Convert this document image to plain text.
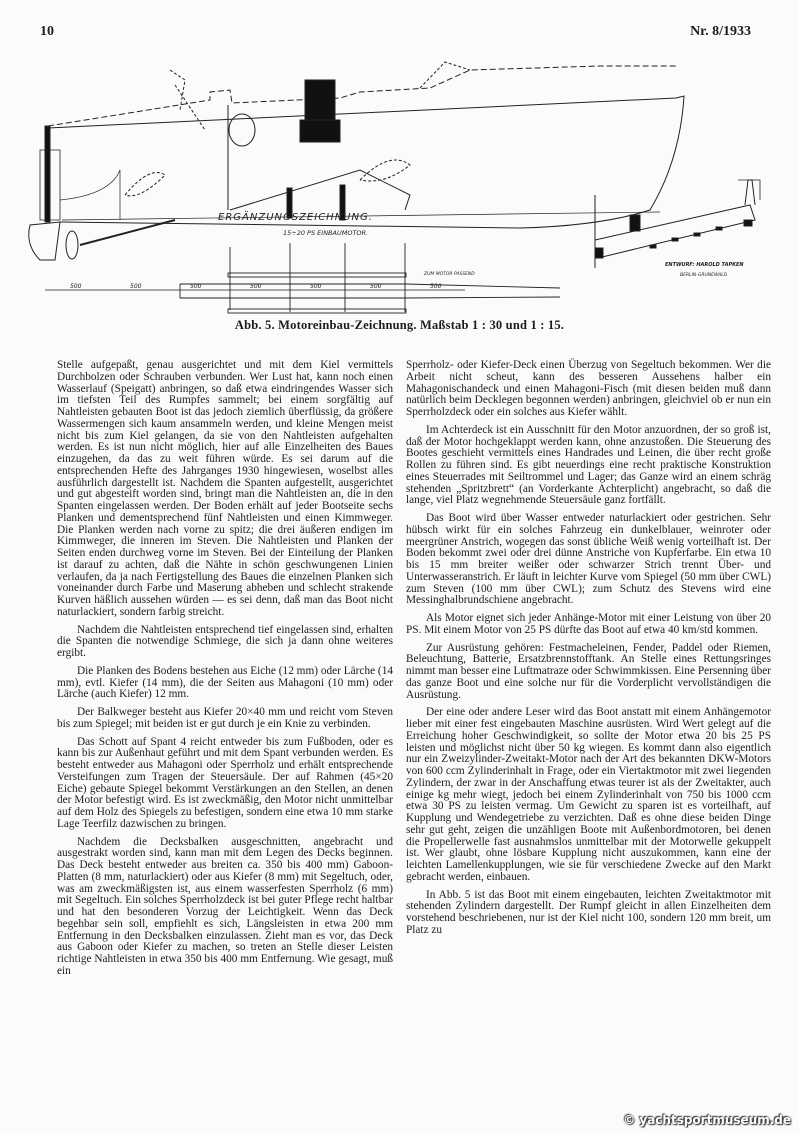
10	Nr. 8/1933
500	500	500	500	500	500	500
ERGÄNZUNGSZEICHNUNG.
15÷20 PS EINBAUMOTOR.
ZUM MOTOR PASSEND
ENTWURF: HAROLD TAPKEN
BERLIN-GRUNEWALD
Abb. 5. Motoreinbau-Zeichnung. Maßstab 1 : 30 und 1 : 15.

Stelle aufgepaßt, genau ausgerichtet und mit dem Kiel vermittels Durchbolzen oder Schrauben verbunden. Wer Lust hat, kann noch einen Wasserlauf (Speigatt) anbringen, so daß etwa eindringendes Wasser sich im tiefsten Teil des Rumpfes sammelt; bei einem sorgfältig auf Nahtleisten gebauten Boot ist das jedoch ziemlich überflüssig, da größere Wassermengen sich kaum ansammeln werden, und kleine Mengen meist nicht bis zum Kiel gelangen, da sie von den Nahtleisten aufgehalten werden. Es ist nun nicht möglich, hier auf alle Einzelheiten des Baues einzugehen, da das zu weit führen würde. Es sei darum auf die entsprechenden Hefte des Jahrganges 1930 hingewiesen, woselbst alles ausführlich dargestellt ist. Nachdem die Spanten aufgestellt, ausgerichtet und gut abgesteift worden sind, bringt man die Nahtleisten an, die in den Spanten eingelassen werden. Der Boden erhält auf jeder Bootseite sechs Planken und dementsprechend fünf Nahtleisten und einen Kimmweger. Die Planken werden nach vorne zu spitz; die drei äußeren endigen im Kimmweger, die inneren im Steven. Die Nahtleisten und Planken der Seiten enden durchweg vorne im Steven. Bei der Einteilung der Planken ist darauf zu achten, daß die Nähte in schön geschwungenen Linien verlaufen, da ja nach Fertigstellung des Baues die einzelnen Planken sich voneinander durch Farbe und Maserung abheben und schlecht strakende Kurven häßlich aussehen würden — es sei denn, daß man das Boot nicht naturlackiert, sondern farbig streicht.

Nachdem die Nahtleisten entsprechend tief eingelassen sind, erhalten die Spanten die notwendige Schmiege, die sich ja dann ohne weiteres ergibt.

Die Planken des Bodens bestehen aus Eiche (12 mm) oder Lärche (14 mm), evtl. Kiefer (14 mm), die der Seiten aus Mahagoni (10 mm) oder Lärche (auch Kiefer) 12 mm.

Der Balkweger besteht aus Kiefer 20×40 mm und reicht vom Steven bis zum Spiegel; mit beiden ist er gut durch je ein Knie zu verbinden.

Das Schott auf Spant 4 reicht entweder bis zum Fußboden, oder es kann bis zur Außenhaut geführt und mit dem Spant verbunden werden. Es besteht entweder aus Mahagoni oder Sperrholz und erhält entsprechende Versteifungen zum Tragen der Steuersäule. Der auf Rahmen (45×20 Eiche) gebaute Spiegel bekommt Verstärkungen an den Stellen, an denen der Motor befestigt wird. Es ist zweckmäßig, den Motor nicht unmittelbar auf dem Holz des Spiegels zu befestigen, sondern eine etwa 10 mm starke Lage Teerfilz dazwischen zu bringen.

Nachdem die Decksbalken ausgeschnitten, angebracht und ausgestrakt worden sind, kann man mit dem Legen des Decks beginnen. Das Deck besteht entweder aus breiten ca. 350 bis 400 mm) Gaboon-Platten (8 mm, naturlackiert) oder aus Kiefer (8 mm) mit Segeltuch, oder, was am zweckmäßigsten ist, aus einem wasserfesten Sperrholz (6 mm) mit Segeltuch. Ein solches Sperrholzdeck ist bei guter Pflege recht haltbar und hat den besonderen Vorzug der Leichtigkeit. Wenn das Deck begehbar sein soll, empfiehlt es sich, Längsleisten in etwa 200 mm Entfernung in den Decksbalken einzulassen. Zieht man es vor, das Deck aus Gaboon oder Kiefer zu machen, so treten an Stelle dieser Leisten richtige Nahtleisten in etwa 350 bis 400 mm Entfernung. Wie gesagt, muß ein

Sperrholz- oder Kiefer-Deck einen Überzug von Segeltuch bekommen. Wer die Arbeit nicht scheut, kann des besseren Aussehens halber ein Mahagonischandeck und einen Mahagoni-Fisch (mit diesen beiden muß dann natürlich beim Decklegen begonnen werden) anbringen, gleichviel ob er nun ein Sperrholzdeck oder ein solches aus Kiefer wählt.

Im Achterdeck ist ein Ausschnitt für den Motor anzuordnen, der so groß ist, daß der Motor hochgeklappt werden kann, ohne anzustoßen. Die Steuerung des Bootes geschieht vermittels eines Handrades und Leinen, die über recht große Rollen zu führen sind. Es gibt neuerdings eine recht praktische Konstruktion eines Steuerrades mit Seiltrommel und Lager; das Ganze wird an einem schräg stehenden „Spritzbrett“ (an Vorderkante Achterplicht) angebracht, so daß die lange, viel Platz wegnehmende Steuersäule ganz fortfällt.

Das Boot wird über Wasser entweder naturlackiert oder gestrichen. Sehr hübsch wirkt für ein solches Fahrzeug ein dunkelblauer, weinroter oder meergrüner Anstrich, wogegen das sonst übliche Weiß wenig vorteilhaft ist. Der Boden bekommt zwei oder drei dünne Anstriche von Kupferfarbe. Ein etwa 10 bis 15 mm breiter weißer oder schwarzer Strich trennt Über- und Unterwasseranstrich. Er läuft in leichter Kurve vom Spiegel (50 mm über CWL) zum Steven (100 mm über CWL); zum Schutz des Stevens wird eine Messinghalbrundschiene angebracht.

Als Motor eignet sich jeder Anhänge-Motor mit einer Leistung von über 20 PS. Mit einem Motor von 25 PS dürfte das Boot auf etwa 40 km/std kommen.

Zur Ausrüstung gehören: Festmacheleinen, Fender, Paddel oder Riemen, Beleuchtung, Batterie, Ersatzbrennstofftank. An Stelle eines Rettungsringes nimmt man besser eine Luftmatraze oder Schwimmkissen. Eine Persenning über das ganze Boot und eine solche nur für die Vorderplicht vervollständigen die Ausrüstung.

Der eine oder andere Leser wird das Boot anstatt mit einem Anhängemotor lieber mit einer fest eingebauten Maschine ausrüsten. Wird Wert gelegt auf die Erreichung hoher Geschwindigkeit, so sollte der Motor etwa 20 bis 25 PS leisten und möglichst nicht über 50 kg wiegen. Es kommt dann also eigentlich nur ein Zweizylinder-Zweitakt-Motor nach der Art des bekannten DKW-Motors von 600 ccm Zylinderinhalt in Frage, oder ein Viertaktmotor mit zwei liegenden Zylindern, der zwar in der Anschaffung etwas teurer ist als der Zweitakter, auch einige kg mehr wiegt, jedoch bei einem Zylinderinhalt von 750 bis 1000 ccm etwa 30 PS zu leisten vermag. Um Gewicht zu sparen ist es vorteilhaft, auf Kupplung und Wendegetriebe zu verzichten. Daß es ohne diese beiden Dinge sehr gut geht, zeigen die unzähligen Boote mit Außenbordmotoren, bei denen die Propellerwelle fast ausnahmslos unmittelbar mit der Motorwelle gekuppelt ist. Wer glaubt, ohne lösbare Kupplung nicht auszukommen, kann eine der leichten Lamellenkupplungen, wie sie für verschiedene Zwecke auf den Markt gebracht werden, einbauen.

In Abb. 5 ist das Boot mit einem eingebauten, leichten Zweitaktmotor mit stehenden Zylindern dargestellt. Der Rumpf gleicht in allen Einzelheiten dem vorstehend beschriebenen, nur ist der Kiel nicht 100, sondern 120 mm breit, um Platz zu

© yachtsportmuseum.de
